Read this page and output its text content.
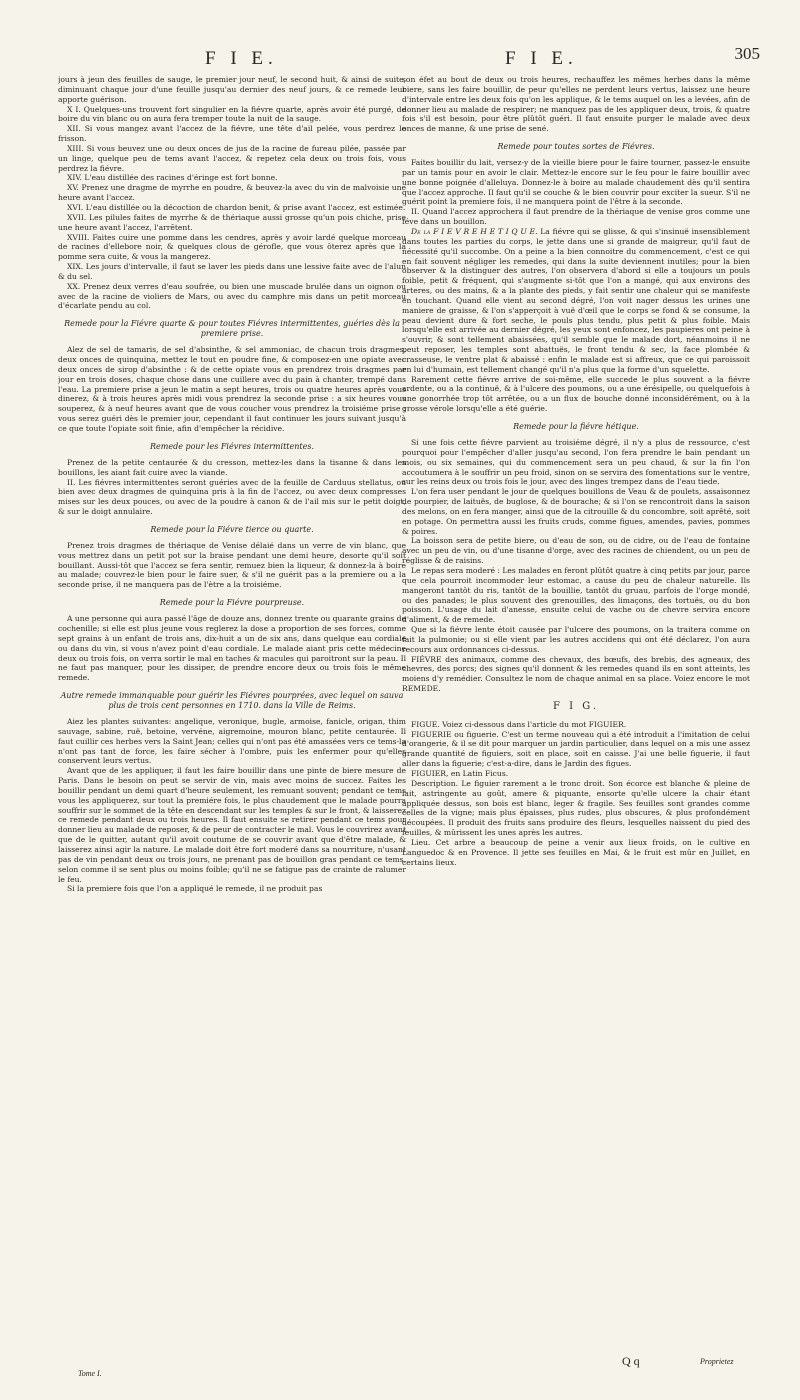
F I E.	F I E.	305

jours à jeun des feuilles de sauge, le premier jour neuf, le second huit, & ainsi de suite, diminuant chaque jour d'une feuille jusqu'au dernier des neuf jours, & ce remede leur apporte guérison.

X I. Quelques-uns trouvent fort singulier en la fiévre quarte, après avoir été purgé, de boire du vin blanc ou on aura fera tremper toute la nuit de la sauge.

XII. Si vous mangez avant l'accez de la fiévre, une tête d'ail pelée, vous perdrez le frisson.

XIII. Si vous beuvez une ou deux onces de jus de la racine de fureau pilée, passée par un linge, quelque peu de tems avant l'accez, & repetez cela deux ou trois fois, vous perdrez la fiévre.

XIV. L'eau distillée des racines d'éringe est fort bonne.

XV. Prenez une dragme de myrrhe en poudre, & beuvez-la avec du vin de malvoisie une heure avant l'accez.

XVI. L'eau distillée ou la décoction de chardon benit, & prise avant l'accez, est estimée.

XVII. Les pilules faites de myrrhe & de thériaque aussi grosse qu'un pois chiche, prise une heure avant l'accez, l'arrêtent.

XVIII. Faites cuire une pomme dans les cendres, après y avoir lardé quelque morceau de racines d'ellebore noir, & quelques clous de gérofle, que vous ôterez après que la pomme sera cuite, & vous la mangerez.

XIX. Les jours d'intervalle, il faut se laver les pieds dans une lessive faite avec de l'alun & du sel.

XX. Prenez deux verres d'eau soufrée, ou bien une muscade brulée dans un oignon ou avec de la racine de violiers de Mars, ou avec du camphre mis dans un petit morceau d'écarlate pendu au col.

Remede pour la Fiévre quarte & pour toutes Fiévres intermittentes, guéries dès la premiere prise.

Alez de sel de tamaris, de sel d'absinthe, & sel ammoniac, de chacun trois dragmes, deux onces de quinquina, mettez le tout en poudre fine, & composez-en une opiate avec deux onces de sirop d'absinthe : & de cette opiate vous en prendrez trois dragmes par jour en trois doses, chaque chose dans une cuillere avec du pain à chanter, trempé dans l'eau. La premiere prise a jeun le matin a sept heures, trois ou quatre heures après vous dinerez, & à trois heures après midi vous prendrez la seconde prise : a six heures vous souperez, & à neuf heures avant que de vous coucher vous prendrez la troisiéme prise ; vous serez guéri dès le premier jour, cependant il faut continuer les jours suivant jusqu'à ce que toute l'opiate soit finie, afin d'empêcher la récidive.

Remede pour les Fiévres intermittentes.

Prenez de la petite centaurée & du cresson, mettez-les dans la tisanne & dans les bouillons, les aiant fait cuire avec la viande.

II. Les fiévres intermittentes seront guéries avec de la feuille de Carduus stellatus, ou bien avec deux dragmes de quinquina pris à la fin de l'accez, ou avec deux compresses mises sur les deux pouces, ou avec de la poudre à canon & de l'ail mis sur le petit doigt, & sur le doigt annulaire.

Remede pour la Fiévre tierce ou quarte.

Prenez trois dragmes de thériaque de Venise délaié dans un verre de vin blanc, que vous mettrez dans un petit pot sur la braise pendant une demi heure, desorte qu'il soit bouillant. Aussi-tôt que l'accez se fera sentir, remuez bien la liqueur, & donnez-la à boire au malade; couvrez-le bien pour le faire suer, & s'il ne guérit pas a la premiere ou a la seconde prise, il ne manquera pas de l'ètre a la troisiéme.

Remede pour la Fiévre pourpreuse.

A une personne qui aura passé l'âge de douze ans, donnez trente ou quarante grains de cochenille; si elle est plus jeune vous reglerez la dose a proportion de ses forces, comme sept grains à un enfant de trois ans, dix-huit a un de six ans, dans quelque eau cordiale ou dans du vin, si vous n'avez point d'eau cordiale. Le malade aiant pris cette médecine deux ou trois fois, on verra sortir le mal en taches & macules qui paroitront sur la peau. Il ne faut pas manquer, pour les dissiper, de prendre encore deux ou trois fois le même remede.

Autre remede immanquable pour guérir les Fiévres pourprées, avec lequel on sauva plus de trois cent personnes en 1710. dans la Ville de Reims.

Aiez les plantes suivantes: angelique, veronique, bugle, armoise, fanicle, origan, thim sauvage, sabine, ruë, betoine, vervéne, aigremoine, mouron blanc, petite centaurée. Il faut cuillir ces herbes vers la Saint Jean; celles qui n'ont pas été amassées vers ce tems-la n'ont pas tant de force, les faire sécher à l'ombre, puis les enfermer pour qu'elles conservent leurs vertus.

Avant que de les appliquer, il faut les faire bouillir dans une pinte de biere mesure de Paris. Dans le besoin on peut se servir de vin, mais avec moins de succez. Faites les bouillir pendant un demi quart d'heure seulement, les remuant souvent; pendant ce tems vous les appliquerez, sur tout la premiére fois, le plus chaudement que le malade pourra souffrir sur le sommet de la tête en descendant sur les temples & sur le front, & laisserez ce remede pendant deux ou trois heures. Il faut ensuite se retirer pendant ce tems pour donner lieu au malade de reposer, & de peur de contracter le mal. Vous le couvrirez avant que de le quitter, autant qu'il avoit coutume de se couvrir avant que d'être malade, & laisserez ainsi agir la nature. Le malade doit être fort moderé dans sa nourriture, n'usant pas de vin pendant deux ou trois jours, ne prenant pas de bouillon gras pendant ce tems, selon comme il se sent plus ou moins foible; qu'il ne se fatigue pas de crainte de ralumer le feu.

Si la premiere fois que l'on a appliqué le remede, il ne produit pas

son éfet au bout de deux ou trois heures, rechauffez les mêmes herbes dans la même biere, sans les faire bouillir, de peur qu'elles ne perdent leurs vertus, laissez une heure d'intervale entre les deux fois qu'on les applique, & le tems auquel on les a levées, afin de donner lieu au malade de respirer; ne manquez pas de les appliquer deux, trois, & quatre fois s'il est besoin, pour être plûtôt guéri. Il faut ensuite purger le malade avec deux onces de manne, & une prise de sené.

Remede pour toutes sortes de Fiévres.

Faites bouillir du lait, versez-y de la vieille biere pour le faire tourner, passez-le ensuite par un tamis pour en avoir le clair. Mettez-le encore sur le feu pour le faire bouillir avec une bonne poignée d'alleluya. Donnez-le à boire au malade chaudement dès qu'il sentira que l'accez approche. Il faut qu'il se couche & le bien couvrir pour exciter la sueur. S'il ne guérit point la premiere fois, il ne manquera point de l'être à la seconde.

II. Quand l'accez approchera il faut prendre de la thériaque de venise gros comme une féve dans un bouillon.

De la F I E V R E H E T I Q U E. La fiévre qui se glisse, & qui s'insinuë insensiblement dans toutes les parties du corps, le jette dans une si grande de maigreur, qu'il faut de nécessité qu'il succombe. On a peine a la bien connoitre du commencement, c'est ce qui en fait souvent négliger les remedes, qui dans la suite deviennent inutiles; pour la bien observer & la distinguer des autres, l'on observera d'abord si elle a toujours un pouls foible, petit & fréquent, qui s'augmente si-tôt que l'on a mangé, qui aux environs des arteres, ou des mains, & a la plante des pieds, y fait sentir une chaleur qui se manifeste en touchant. Quand elle vient au second dégré, l'on voit nager dessus les urines une maniere de graisse, & l'on s'apperçoit à vuë d'œil que le corps se fond & se consume, la peau devient dure & fort seche, le pouls plus tendu, plus petit & plus foible. Mais lorsqu'elle est arrivée au dernier dégré, les yeux sont enfoncez, les paupieres ont peine à s'ouvrir, & sont tellement abaissées, qu'il semble que le malade dort, néanmoins il ne peut reposer, les temples sont abattuës, le front tendu & sec, la face plombée & crasseuse, le ventre plat & abaissé : enfin le malade est si affreux, que ce qui paroissoit en lui d'humain, est tellement changé qu'il n'a plus que la forme d'un squelette.

Rarement cette fiévre arrive de soi-même, elle succede le plus souvent a la fiévre ardente, ou a la continuë, & à l'ulcere des poumons, ou a une érésipelle, ou quelquefois à une gonorrhée trop tôt arrêtée, ou a un flux de bouche donné inconsidérément, ou à la grosse vérole lorsqu'elle a été guérie.

Remede pour la fiévre hétique.

Si une fois cette fiévre parvient au troisiéme dégré, il n'y a plus de ressource, c'est pourquoi pour l'empêcher d'aller jusqu'au second, l'on fera prendre le bain pendant un mois, ou six semaines, qui du commencement sera un peu chaud, & sur la fin l'on accoutumera à le souffrir un peu froid, sinon on se servira des fomentations sur le ventre, sur les reins deux ou trois fois le jour, avec des linges trempez dans de l'eau tiede.

L'on fera user pendant le jour de quelques bouillons de Veau & de poulets, assaisonnez de pourpier, de laituës, de buglose, & de bourache; & si l'on se rencontroit dans la saison des melons, on en fera manger, ainsi que de la citrouille & du concombre, soit aprêté, soit en potage. On permettra aussi les fruits cruds, comme figues, amendes, pavies, pommes & poires.

La boisson sera de petite biere, ou d'eau de son, ou de cidre, ou de l'eau de fontaine avec un peu de vin, ou d'une tisanne d'orge, avec des racines de chiendent, ou un peu de réglisse & de raisins.

Le repas sera moderé : Les malades en feront plûtôt quatre à cinq petits par jour, parce que cela pourroit incommoder leur estomac, a cause du peu de chaleur naturelle. Ils mangeront tantôt du ris, tantôt de la bouillie, tantôt du gruau, parfois de l'orge mondé, ou des panades; le plus souvent des grenouilles, des limaçons, des tortuës, ou du bon poisson. L'usage du lait d'anesse, ensuite celui de vache ou de chevre servira encore d'aliment, & de remede.

Que si la fiévre lente étoit causée par l'ulcere des poumons, on la traitera comme on fait la pulmonie; ou si elle vient par les autres accidens qui ont été déclarez, l'on aura recours aux ordonnances ci-dessus.

FIÉVRE des animaux, comme des chevaux, des bœufs, des brebis, des agneaux, des chevres, des porcs; des signes qu'il donnent & les remedes quand ils en sont atteints, les moiens d'y remédier. Consultez le nom de chaque animal en sa place. Voiez encore le mot REMEDE.

F I G.

FIGUE. Voiez ci-dessous dans l'article du mot FIGUIER.

FIGUERIE ou figuerie. C'est un terme nouveau qui a été introduit a l'imitation de celui d'orangerie, & il se dit pour marquer un jardin particulier, dans lequel on a mis une assez grande quantité de figuiers, soit en place, soit en caisse. J'ai une belle figuerie, il faut aller dans la figuerie; c'est-a-dire, dans le Jardin des figues.

FIGUIER, en Latin Ficus.

Description. Le figuier rarement a le tronc droit. Son écorce est blanche & pleine de lait, astringente au goût, amere & piquante, ensorte qu'elle ulcere la chair étant appliquée dessus, son bois est blanc, leger & fragile. Ses feuilles sont grandes comme celles de la vigne; mais plus épaisses, plus rudes, plus obscures, & plus profondément découpées. Il produit des fruits sans produire des fleurs, lesquelles naissent du pied des feuilles, & mûrissent les unes après les autres.

Lieu. Cet arbre a beaucoup de peine a venir aux lieux froids, on le cultive en Languedoc & en Provence. Il jette ses feuilles en Mai, & le fruit est mûr en Juillet, en certains lieux.

Tome I.
Q q	Proprietez
